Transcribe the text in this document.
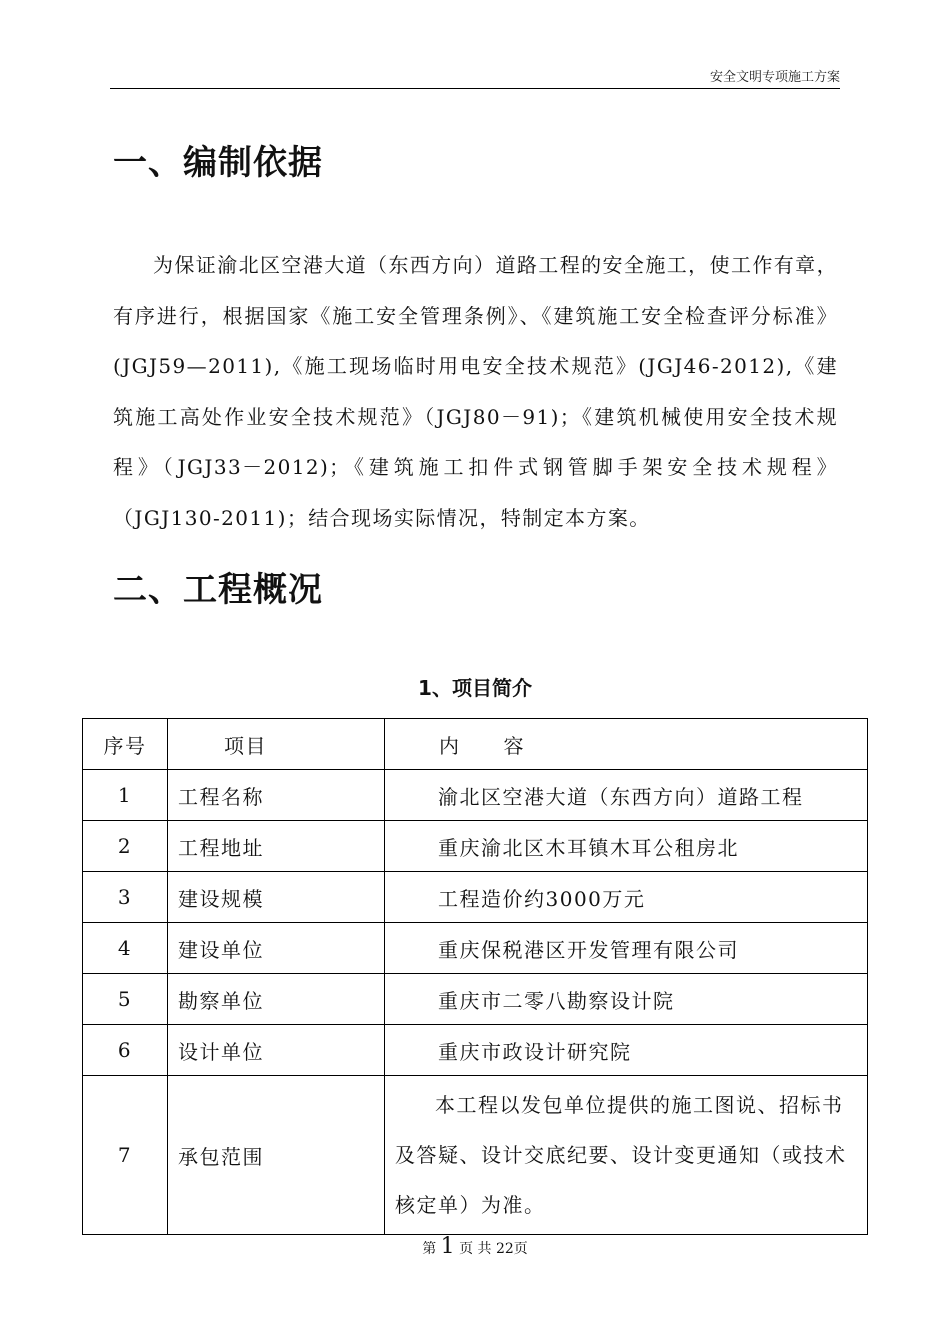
安全文明专项施工方案
一、编制依据

为保证渝北区空港大道（东西方向）道路工程的安全施工，使工作有章，有序进行，根据国家《施工安全管理条例》、《建筑施工安全检查评分标准》(JGJ59—2011),《施工现场临时用电安全技术规范》(JGJ46-2012),《建筑施工高处作业安全技术规范》（JGJ80－91)；《建筑机械使用安全技术规程》（JGJ33－2012)；《建筑施工扣件式钢管脚手架安全技术规程》（JGJ130-2011)；结合现场实际情况，特制定本方案。

二、工程概况
1、项目简介
序号	项目	内　　容
1	工程名称	渝北区空港大道（东西方向）道路工程
2	工程地址	重庆渝北区木耳镇木耳公租房北
3	建设规模	工程造价约3000万元
4	建设单位	重庆保税港区开发管理有限公司
5	勘察单位	重庆市二零八勘察设计院
6	设计单位	重庆市政设计研究院
7	承包范围	本工程以发包单位提供的施工图说、招标书及答疑、设计交底纪要、设计变更通知（或技术核定单）为准。
第 1 页 共 22页
